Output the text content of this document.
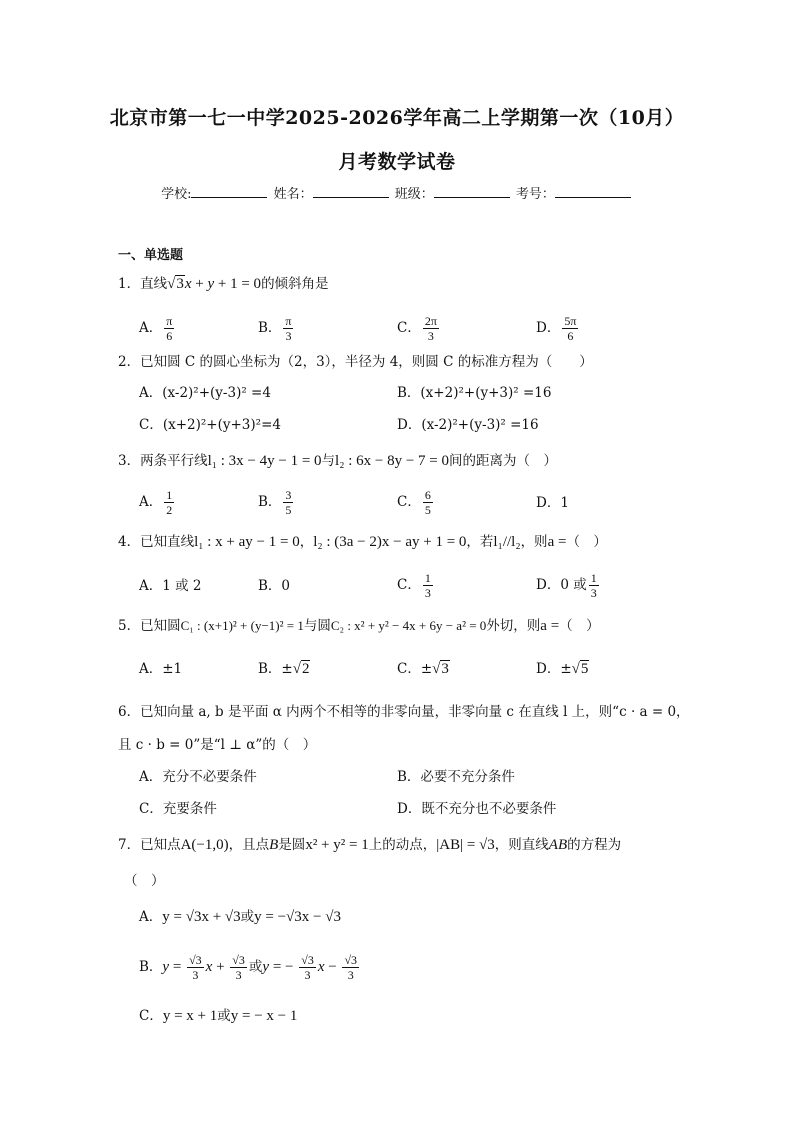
北京市第一七一中学2025-2026学年高二上学期第一次（10月）
月考数学试卷
学校:	姓名：	班级：	考号：
一、单选题
1．直线√3x + y + 1 = 0的倾斜角是
A． $\frac{\pi}{6}$	B． $\frac{\pi}{3}$	C． $\frac{2\pi}{3}$	D． $\frac{5\pi}{6}$
2．已知圆 C 的圆心坐标为（2，3），半径为 4，则圆 C 的标准方程为（　　）
A．(x-2)²+(y-3)² =4	B．(x+2)²+(y+3)² =16
C．(x+2)²+(y+3)²=4	D．(x-2)²+(y-3)² =16
3．两条平行线l₁ : 3x − 4y − 1 = 0与l₂ : 6x − 8y − 7 = 0间的距离为（　）
A． $\frac{1}{2}$	B． $\frac{3}{5}$	C． $\frac{6}{5}$	D．1
4．已知直线l₁ : x + ay − 1 = 0，l₂ : (3a − 2)x − ay + 1 = 0，若l₁//l₂，则a =（　）
A．1 或 2	B．0	C． $\frac{1}{3}$	D．0 或 $\frac{1}{3}$
5．已知圆C₁ : (x+1)² + (y−1)² = 1与圆C₂ : x² + y² − 4x + 6y − a² = 0外切，则a =（　）
A．±1	B．±√2	C．±√3	D．±√5
6．已知向量 a, b 是平面 α 内两个不相等的非零向量，非零向量 c 在直线 l 上，则“c · a = 0，
且 c · b = 0”是“l ⊥ α”的（　）
A．充分不必要条件	B．必要不充分条件
C．充要条件	D．既不充分也不必要条件
7．已知点A(−1,0)，且点B是圆x² + y² = 1上的动点，|AB| = √3，则直线AB的方程为
（　）
A．y = √3x + √3或y = −√3x − √3
B．$y = \frac{√3}{3}$ $x + \frac{√3}{3}$ 或y = − $\frac{√3}{3}$ $x - \frac{√3}{3}$
C．y = x + 1或y = − x − 1
